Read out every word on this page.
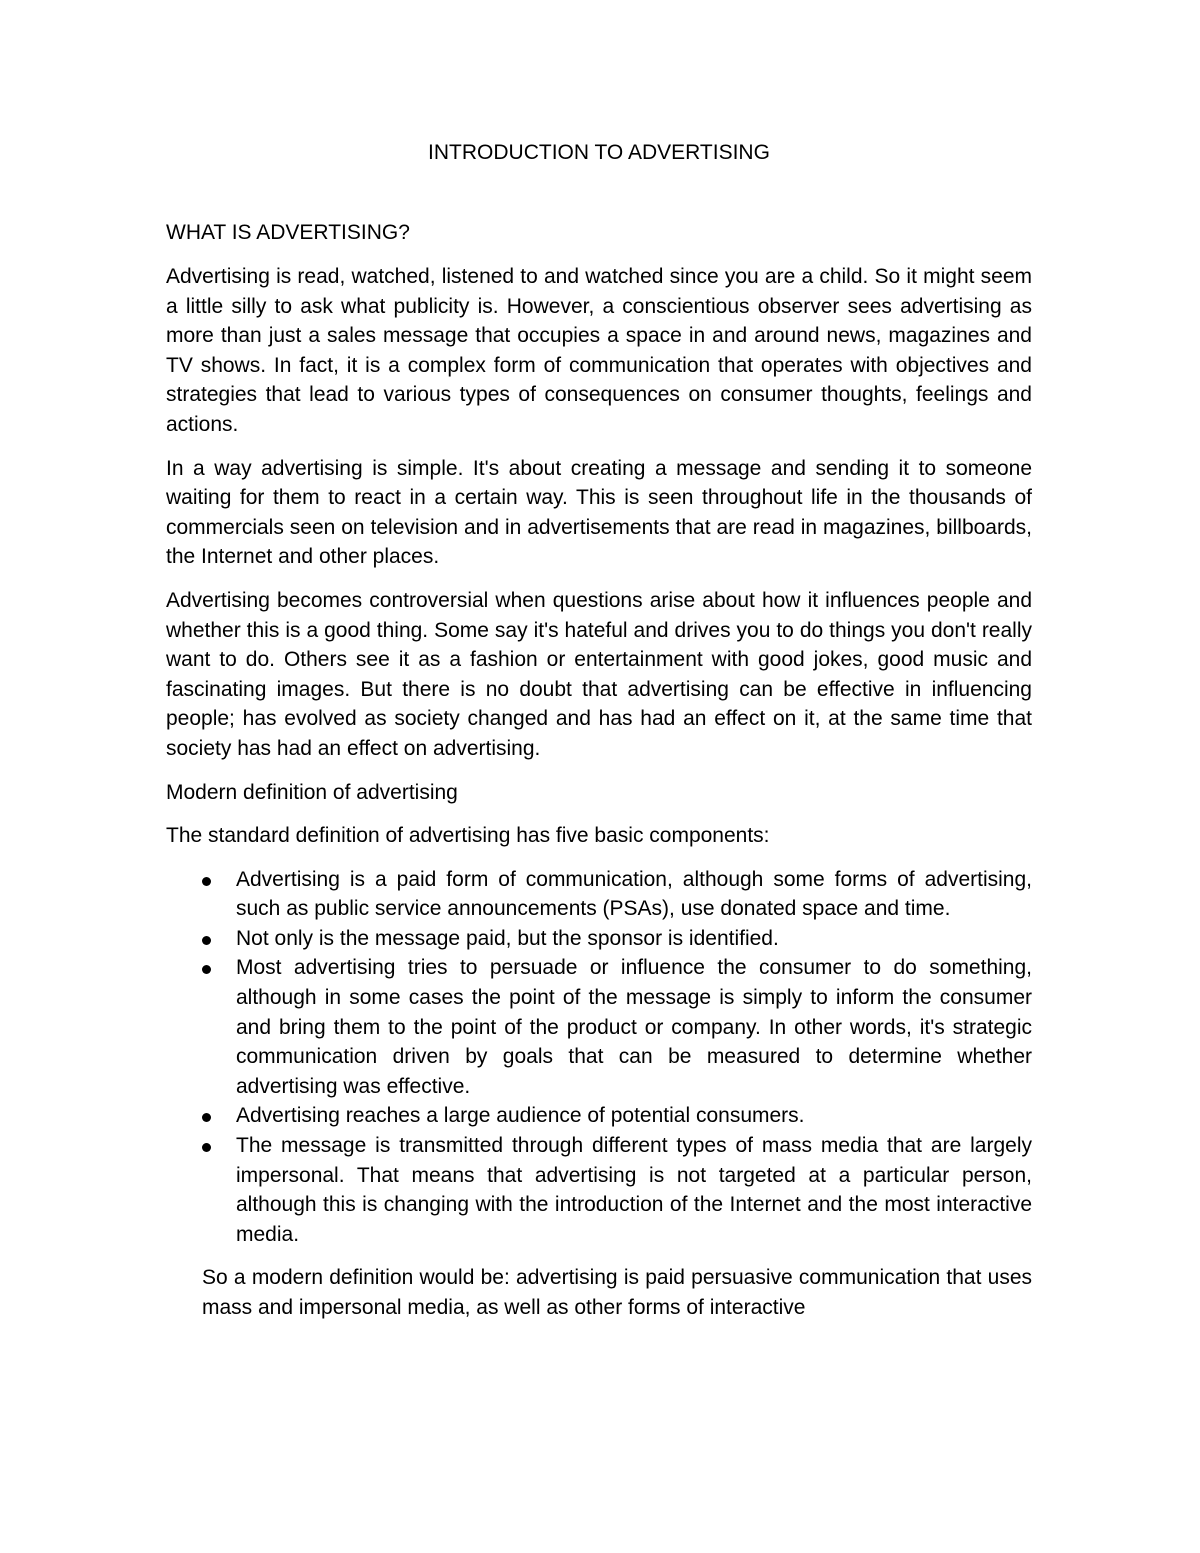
INTRODUCTION TO ADVERTISING
WHAT IS ADVERTISING?

Advertising is read, watched, listened to and watched since you are a child. So it might seem a little silly to ask what publicity is. However, a conscientious observer sees advertising as more than just a sales message that occupies a space in and around news, magazines and TV shows. In fact, it is a complex form of communication that operates with objectives and strategies that lead to various types of consequences on consumer thoughts, feelings and actions.

In a way advertising is simple. It's about creating a message and sending it to someone waiting for them to react in a certain way. This is seen throughout life in the thousands of commercials seen on television and in advertisements that are read in magazines, billboards, the Internet and other places.

Advertising becomes controversial when questions arise about how it influences people and whether this is a good thing. Some say it's hateful and drives you to do things you don't really want to do. Others see it as a fashion or entertainment with good jokes, good music and fascinating images. But there is no doubt that advertising can be effective in influencing people; has evolved as society changed and has had an effect on it, at the same time that society has had an effect on advertising.

Modern definition of advertising

The standard definition of advertising has five basic components:

Advertising is a paid form of communication, although some forms of advertising, such as public service announcements (PSAs), use donated space and time.
Not only is the message paid, but the sponsor is identified.
Most advertising tries to persuade or influence the consumer to do something, although in some cases the point of the message is simply to inform the consumer and bring them to the point of the product or company. In other words, it's strategic communication driven by goals that can be measured to determine whether advertising was effective.
Advertising reaches a large audience of potential consumers.
The message is transmitted through different types of mass media that are largely impersonal. That means that advertising is not targeted at a particular person, although this is changing with the introduction of the Internet and the most interactive media.

So a modern definition would be: advertising is paid persuasive communication that uses mass and impersonal media, as well as other forms of interactive
